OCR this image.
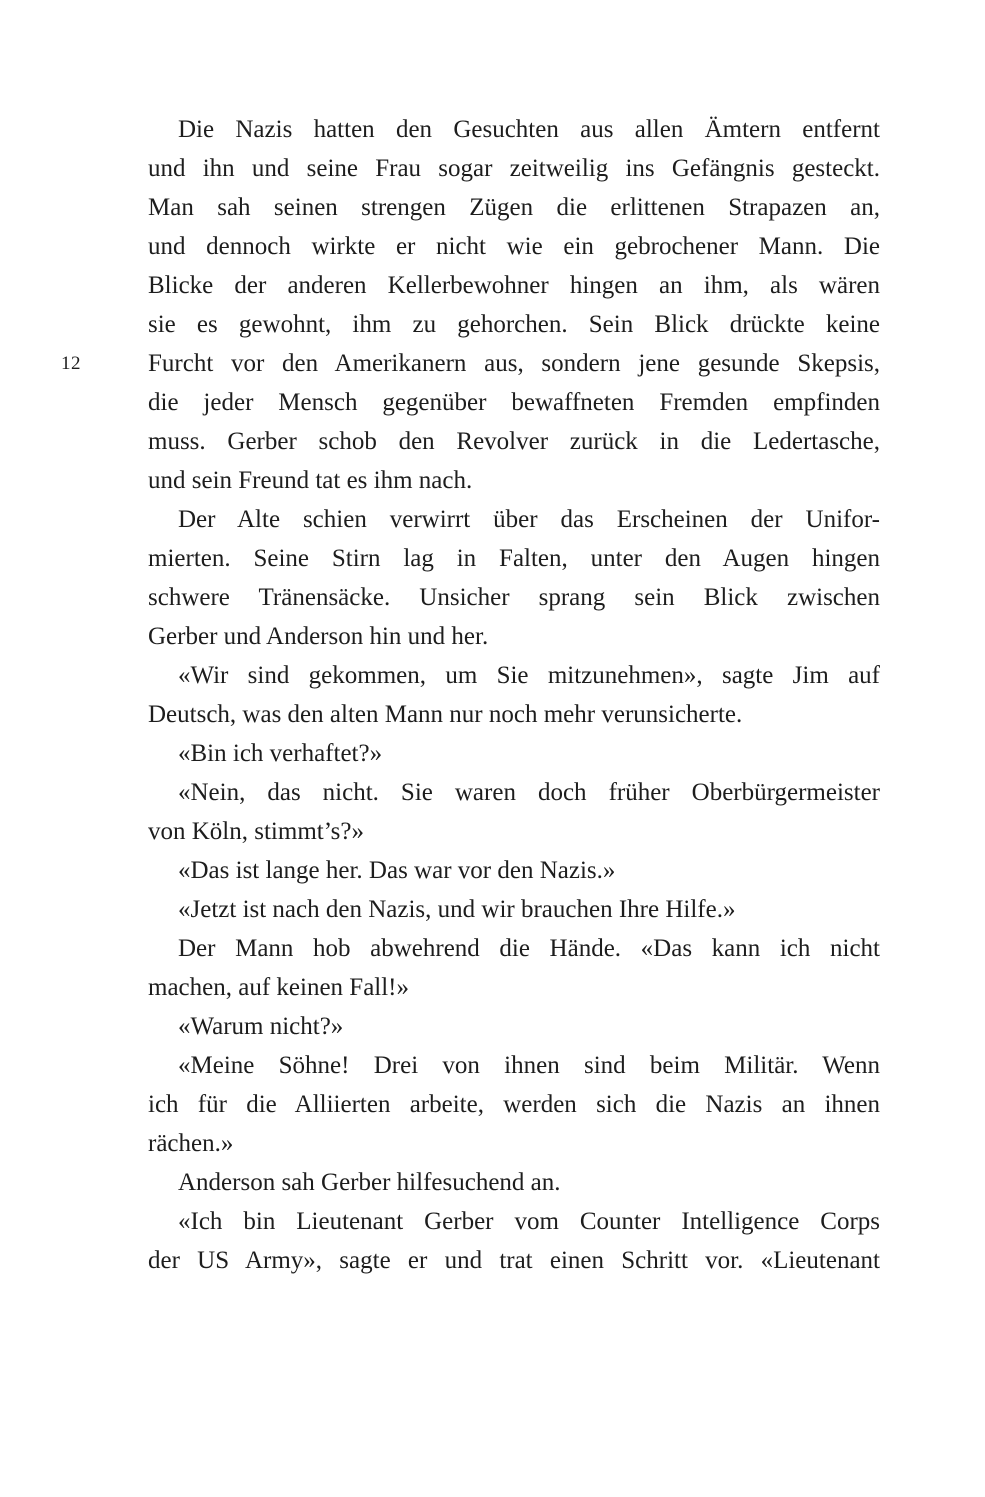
12
Die Nazis hatten den Gesuchten aus allen Ämtern entfernt
und ihn und seine Frau sogar zeitweilig ins Gefängnis gesteckt.
Man sah seinen strengen Zügen die erlittenen Strapazen an,
und dennoch wirkte er nicht wie ein gebrochener Mann. Die
Blicke der anderen Kellerbewohner hingen an ihm, als wären
sie es gewohnt, ihm zu gehorchen. Sein Blick drückte keine
Furcht vor den Amerikanern aus, sondern jene gesunde Skepsis,
die jeder Mensch gegenüber bewaffneten Fremden empfinden
muss. Gerber schob den Revolver zurück in die Ledertasche,
und sein Freund tat es ihm nach.
Der Alte schien verwirrt über das Erscheinen der Unifor-
mierten. Seine Stirn lag in Falten, unter den Augen hingen
schwere Tränensäcke. Unsicher sprang sein Blick zwischen
Gerber und Anderson hin und her.
«Wir sind gekommen, um Sie mitzunehmen», sagte Jim auf
Deutsch, was den alten Mann nur noch mehr verunsicherte.
«Bin ich verhaftet?»
«Nein, das nicht. Sie waren doch früher Oberbürgermeister
von Köln, stimmt’s?»
«Das ist lange her. Das war vor den Nazis.»
«Jetzt ist nach den Nazis, und wir brauchen Ihre Hilfe.»
Der Mann hob abwehrend die Hände. «Das kann ich nicht
machen, auf keinen Fall!»
«Warum nicht?»
«Meine Söhne! Drei von ihnen sind beim Militär. Wenn
ich für die Alliierten arbeite, werden sich die Nazis an ihnen
rächen.»
Anderson sah Gerber hilfesuchend an.
«Ich bin Lieutenant Gerber vom Counter Intelligence Corps
der US Army», sagte er und trat einen Schritt vor. «Lieutenant
